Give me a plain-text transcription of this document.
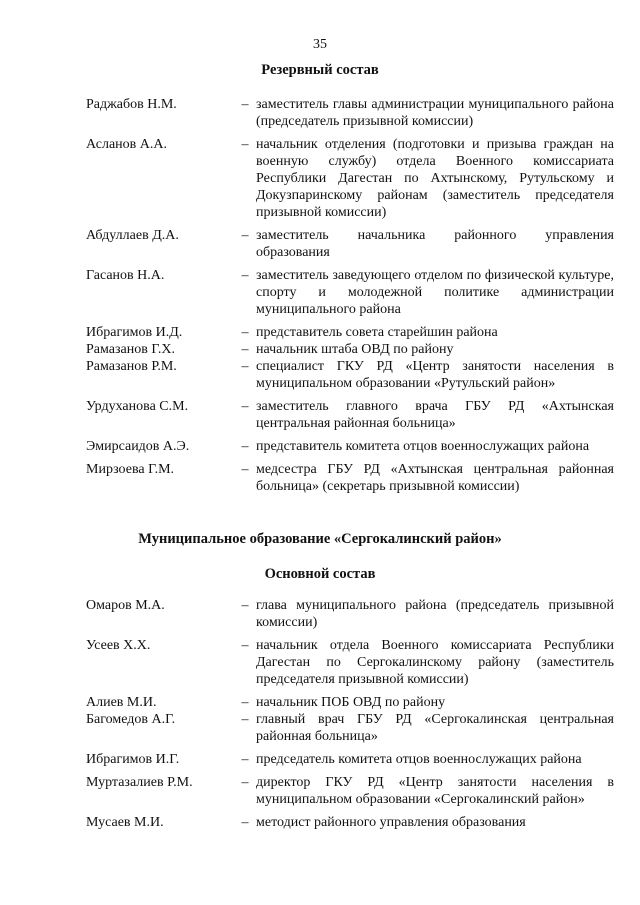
35
Резервный состав
Раджабов Н.М.	– заместитель главы администрации муниципального района (председатель призывной комиссии)
Асланов А.А.	– начальник отделения (подготовки и призыва граждан на военную службу) отдела Военного комиссариата Республики Дагестан по Ахтынскому, Рутульскому и Докузпаринскому районам (заместитель председателя призывной комиссии)
Абдуллаев Д.А.	– заместитель начальника районного управления образования
Гасанов Н.А.	– заместитель заведующего отделом по физической культуре, спорту и молодежной политике администрации муниципального района
Ибрагимов И.Д.	– представитель совета старейшин района
Рамазанов Г.Х.	– начальник штаба ОВД по району
Рамазанов Р.М.	– специалист ГКУ РД «Центр занятости населения в муниципальном образовании «Рутульский район»
Урдуханова С.М.	– заместитель главного врача ГБУ РД «Ахтынская центральная районная больница»
Эмирсаидов А.Э.	– представитель комитета отцов военнослужащих района
Мирзоева Г.М.	– медсестра ГБУ РД «Ахтынская центральная районная больница» (секретарь призывной комиссии)
Муниципальное образование «Сергокалинский район»
Основной состав
Омаров М.А.	– глава муниципального района (председатель призывной комиссии)
Усеев Х.Х.	– начальник отдела Военного комиссариата Республики Дагестан по Сергокалинскому району (заместитель председателя призывной комиссии)
Алиев М.И.	– начальник ПОБ ОВД по району
Багомедов А.Г.	– главный врач ГБУ РД «Сергокалинская центральная районная больница»
Ибрагимов И.Г.	– председатель комитета отцов военнослужащих района
Муртазалиев Р.М.	– директор ГКУ РД «Центр занятости населения в муниципальном образовании «Сергокалинский район»
Мусаев М.И.	– методист районного управления образования
